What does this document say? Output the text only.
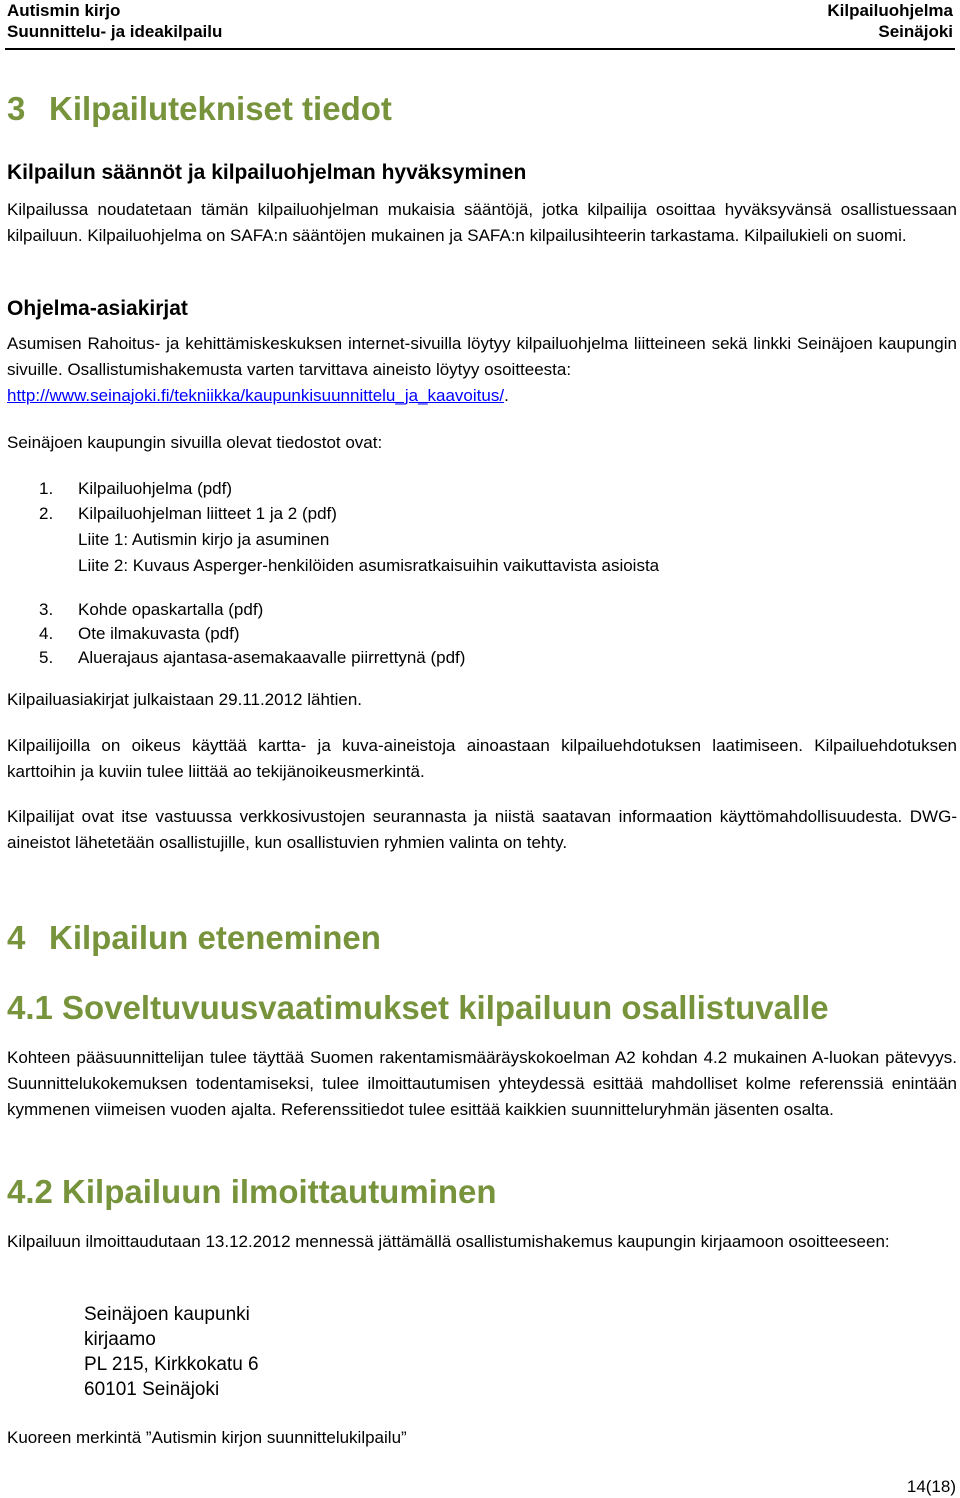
Autismin kirjo
Suunnittelu- ja ideakilpailu
Kilpailuohjelma
Seinäjoki
3 Kilpailutekniset tiedot
Kilpailun säännöt ja kilpailuohjelman hyväksyminen
Kilpailussa noudatetaan tämän kilpailuohjelman mukaisia sääntöjä, jotka kilpailija osoittaa hyväksyvänsä osallistuessaan kilpailuun. Kilpailuohjelma on SAFA:n sääntöjen mukainen ja SAFA:n kilpailusihteerin tarkastama. Kilpailukieli on suomi.
Ohjelma-asiakirjat
Asumisen Rahoitus- ja kehittämiskeskuksen internet-sivuilla löytyy kilpailuohjelma liitteineen sekä linkki Seinäjoen kaupungin sivuille. Osallistumishakemusta varten tarvittava aineisto löytyy osoitteesta:
http://www.seinajoki.fi/tekniikka/kaupunkisuunnittelu_ja_kaavoitus/.
Seinäjoen kaupungin sivuilla olevat tiedostot ovat:
1. Kilpailuohjelma (pdf)
2. Kilpailuohjelman liitteet 1 ja 2 (pdf)
Liite 1: Autismin kirjo ja asuminen
Liite 2: Kuvaus Asperger-henkilöiden asumisratkaisuihin vaikuttavista asioista
3. Kohde opaskartalla (pdf)
4. Ote ilmakuvasta (pdf)
5. Aluerajaus ajantasa-asemakaavalle piirrettynä (pdf)
Kilpailuasiakirjat julkaistaan 29.11.2012 lähtien.
Kilpailijoilla on oikeus käyttää kartta- ja kuva-aineistoja ainoastaan kilpailuehdotuksen laatimiseen. Kilpailuehdotuksen karttoihin ja kuviin tulee liittää ao tekijänoikeusmerkintä.
Kilpailijat ovat itse vastuussa verkkosivustojen seurannasta ja niistä saatavan informaation käyttömahdollisuudesta. DWG-aineistot lähetetään osallistujille, kun osallistuvien ryhmien valinta on tehty.
4 Kilpailun eteneminen
4.1 Soveltuvuusvaatimukset kilpailuun osallistuvalle
Kohteen pääsuunnittelijan tulee täyttää Suomen rakentamismääräyskokoelman A2 kohdan 4.2 mukainen A-luokan pätevyys. Suunnittelukokemuksen todentamiseksi, tulee ilmoittautumisen yhteydessä esittää mahdolliset kolme referenssiä enintään kymmenen viimeisen vuoden ajalta. Referenssitiedot tulee esittää kaikkien suunnitteluryhmän jäsenten osalta.
4.2 Kilpailuun ilmoittautuminen
Kilpailuun ilmoittaudutaan 13.12.2012 mennessä jättämällä osallistumishakemus kaupungin kirjaamoon osoitteeseen:
Seinäjoen kaupunki
kirjaamo
PL 215, Kirkkokatu 6
60101 Seinäjoki
Kuoreen merkintä ”Autismin kirjon suunnittelukilpailu”
14(18)
